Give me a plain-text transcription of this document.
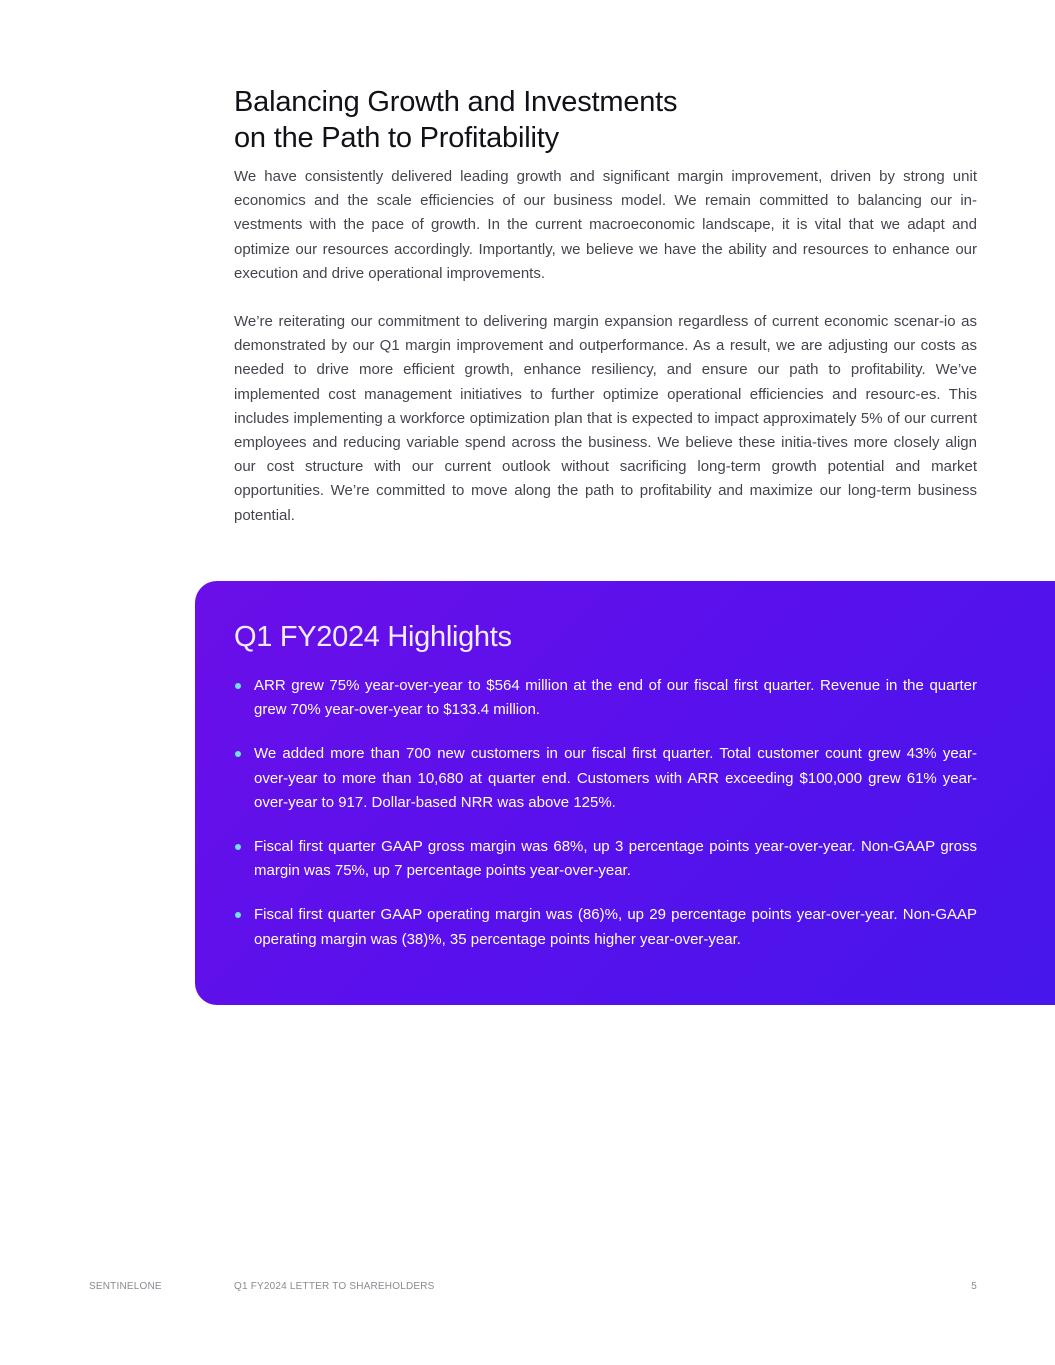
Balancing Growth and Investments
on the Path to Profitability

We have consistently delivered leading growth and significant margin improvement, driven by strong unit economics and the scale efficiencies of our business model. We remain committed to balancing our in-vestments with the pace of growth. In the current macroeconomic landscape, it is vital that we adapt and optimize our resources accordingly. Importantly, we believe we have the ability and resources to enhance our execution and drive operational improvements.

We’re reiterating our commitment to delivering margin expansion regardless of current economic scenar-io as demonstrated by our Q1 margin improvement and outperformance. As a result, we are adjusting our costs as needed to drive more efficient growth, enhance resiliency, and ensure our path to profitability. We’ve implemented cost management initiatives to further optimize operational efficiencies and resourc-es. This includes implementing a workforce optimization plan that is expected to impact approximately 5% of our current employees and reducing variable spend across the business. We believe these initia-tives more closely align our cost structure with our current outlook without sacrificing long-term growth potential and market opportunities. We’re committed to move along the path to profitability and maximize our long-term business potential.

Q1 FY2024 Highlights
ARR grew 75% year-over-year to $564 million at the end of our fiscal first quarter. Revenue in the quarter grew 70% year-over-year to $133.4 million.
We added more than 700 new customers in our fiscal first quarter. Total customer count grew 43% year-over-year to more than 10,680 at quarter end. Customers with ARR exceeding $100,000 grew 61% year-over-year to 917. Dollar-based NRR was above 125%.
Fiscal first quarter GAAP gross margin was 68%, up 3 percentage points year-over-year. Non-GAAP gross margin was 75%, up 7 percentage points year-over-year.
Fiscal first quarter GAAP operating margin was (86)%, up 29 percentage points year-over-year. Non-GAAP operating margin was (38)%, 35 percentage points higher year-over-year.
SENTINELONE	Q1 FY2024 LETTER TO SHAREHOLDERS	5
